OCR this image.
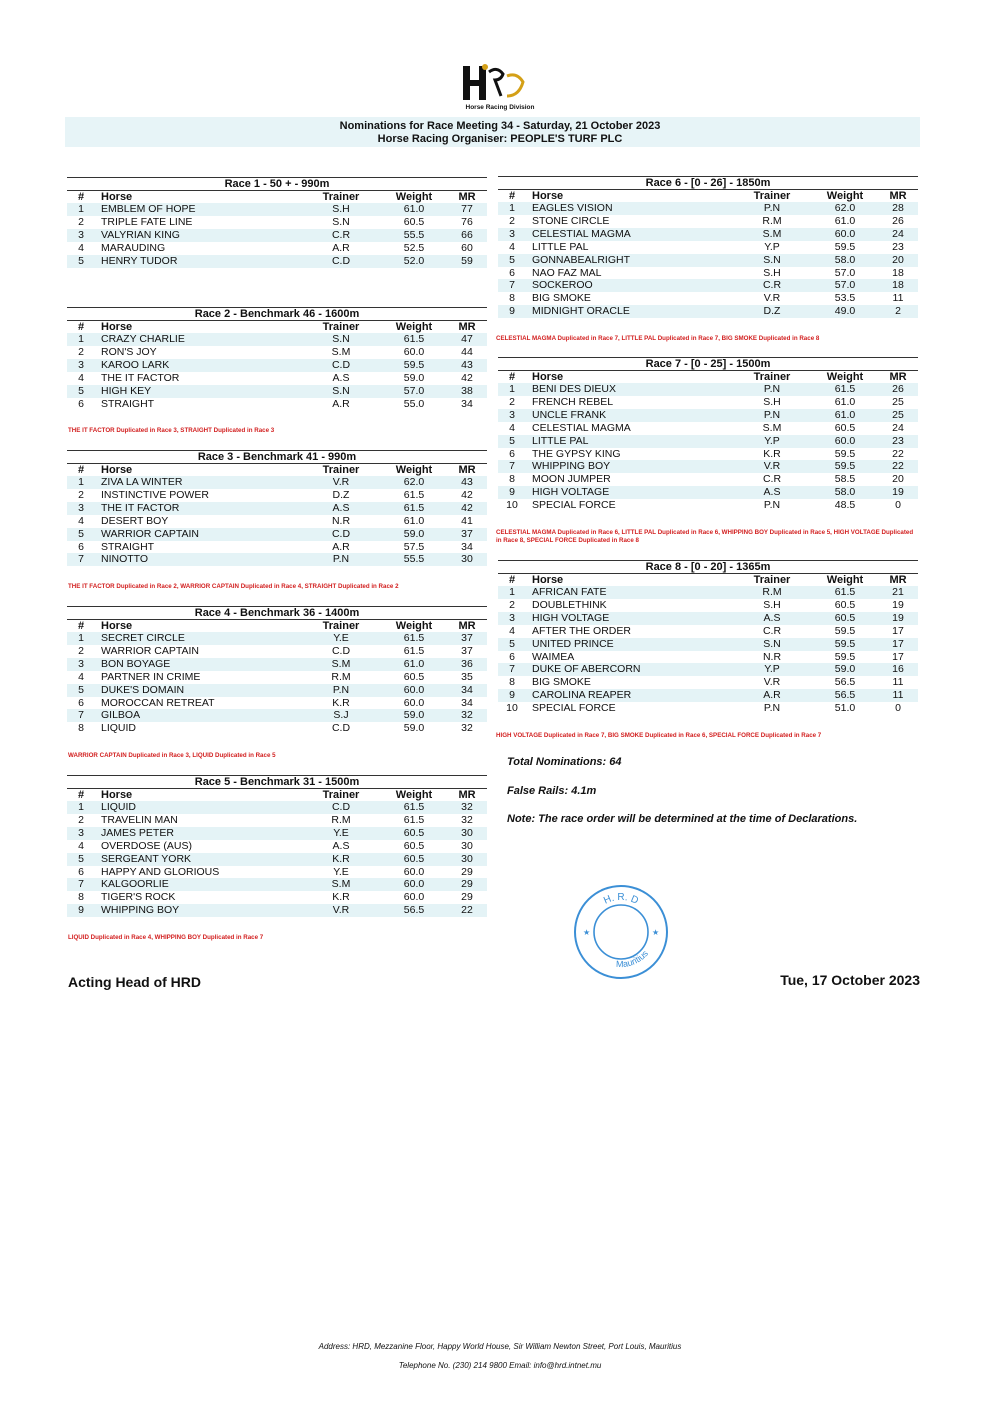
Horse Racing Division
Nominations for Race Meeting 34 - Saturday, 21 October 2023
Horse Racing Organiser: PEOPLE'S TURF PLC
Race 1 - 50 + - 990m
#	Horse	Trainer	Weight	MR
1	EMBLEM OF HOPE	S.H	61.0	77
2	TRIPLE FATE LINE	S.N	60.5	76
3	VALYRIAN KING	C.R	55.5	66
4	MARAUDING	A.R	52.5	60
5	HENRY TUDOR	C.D	52.0	59
Race 2 - Benchmark 46 - 1600m
#	Horse	Trainer	Weight	MR
1	CRAZY CHARLIE	S.N	61.5	47
2	RON'S JOY	S.M	60.0	44
3	KAROO LARK	C.D	59.5	43
4	THE IT FACTOR	A.S	59.0	42
5	HIGH KEY	S.N	57.0	38
6	STRAIGHT	A.R	55.0	34
THE IT FACTOR Duplicated in Race 3, STRAIGHT Duplicated in Race 3
Race 3 - Benchmark 41 - 990m
#	Horse	Trainer	Weight	MR
1	ZIVA LA WINTER	V.R	62.0	43
2	INSTINCTIVE POWER	D.Z	61.5	42
3	THE IT FACTOR	A.S	61.5	42
4	DESERT BOY	N.R	61.0	41
5	WARRIOR CAPTAIN	C.D	59.0	37
6	STRAIGHT	A.R	57.5	34
7	NINOTTO	P.N	55.5	30
THE IT FACTOR Duplicated in Race 2, WARRIOR CAPTAIN Duplicated in Race 4, STRAIGHT Duplicated in Race 2
Race 4 - Benchmark 36 - 1400m
#	Horse	Trainer	Weight	MR
1	SECRET CIRCLE	Y.E	61.5	37
2	WARRIOR CAPTAIN	C.D	61.5	37
3	BON BOYAGE	S.M	61.0	36
4	PARTNER IN CRIME	R.M	60.5	35
5	DUKE'S DOMAIN	P.N	60.0	34
6	MOROCCAN RETREAT	K.R	60.0	34
7	GILBOA	S.J	59.0	32
8	LIQUID	C.D	59.0	32
WARRIOR CAPTAIN Duplicated in Race 3, LIQUID Duplicated in Race 5
Race 5 - Benchmark 31 - 1500m
#	Horse	Trainer	Weight	MR
1	LIQUID	C.D	61.5	32
2	TRAVELIN MAN	R.M	61.5	32
3	JAMES PETER	Y.E	60.5	30
4	OVERDOSE (AUS)	A.S	60.5	30
5	SERGEANT YORK	K.R	60.5	30
6	HAPPY AND GLORIOUS	Y.E	60.0	29
7	KALGOORLIE	S.M	60.0	29
8	TIGER'S ROCK	K.R	60.0	29
9	WHIPPING BOY	V.R	56.5	22
LIQUID Duplicated in Race 4, WHIPPING BOY Duplicated in Race 7
Race 6 - [0 - 26] - 1850m
#	Horse	Trainer	Weight	MR
1	EAGLES VISION	P.N	62.0	28
2	STONE CIRCLE	R.M	61.0	26
3	CELESTIAL MAGMA	S.M	60.0	24
4	LITTLE PAL	Y.P	59.5	23
5	GONNABEALRIGHT	S.N	58.0	20
6	NAO FAZ MAL	S.H	57.0	18
7	SOCKEROO	C.R	57.0	18
8	BIG SMOKE	V.R	53.5	11
9	MIDNIGHT ORACLE	D.Z	49.0	2
CELESTIAL MAGMA Duplicated in Race 7, LITTLE PAL Duplicated in Race 7, BIG SMOKE Duplicated in Race 8
Race 7 - [0 - 25] - 1500m
#	Horse	Trainer	Weight	MR
1	BENI DES DIEUX	P.N	61.5	26
2	FRENCH REBEL	S.H	61.0	25
3	UNCLE FRANK	P.N	61.0	25
4	CELESTIAL MAGMA	S.M	60.5	24
5	LITTLE PAL	Y.P	60.0	23
6	THE GYPSY KING	K.R	59.5	22
7	WHIPPING BOY	V.R	59.5	22
8	MOON JUMPER	C.R	58.5	20
9	HIGH VOLTAGE	A.S	58.0	19
10	SPECIAL FORCE	P.N	48.5	0
CELESTIAL MAGMA Duplicated in Race 6, LITTLE PAL Duplicated in Race 6, WHIPPING BOY Duplicated in Race 5, HIGH VOLTAGE Duplicated in Race 8, SPECIAL FORCE Duplicated in Race 8
Race 8 - [0 - 20] - 1365m
#	Horse	Trainer	Weight	MR
1	AFRICAN FATE	R.M	61.5	21
2	DOUBLETHINK	S.H	60.5	19
3	HIGH VOLTAGE	A.S	60.5	19
4	AFTER THE ORDER	C.R	59.5	17
5	UNITED PRINCE	S.N	59.5	17
6	WAIMEA	N.R	59.5	17
7	DUKE OF ABERCORN	Y.P	59.0	16
8	BIG SMOKE	V.R	56.5	11
9	CAROLINA REAPER	A.R	56.5	11
10	SPECIAL FORCE	P.N	51.0	0
HIGH VOLTAGE Duplicated in Race 7, BIG SMOKE Duplicated in Race 6, SPECIAL FORCE Duplicated in Race 7
Total Nominations: 64
False Rails: 4.1m
Note: The race order will be determined at the time of Declarations.
H. R. D
Mauritius
★	★
Acting Head of HRD	Tue, 17 October 2023
Address: HRD, Mezzanine Floor, Happy World House, Sir William Newton Street, Port Louis, Mauritius
Telephone No. (230) 214 9800 Email: info@hrd.intnet.mu
